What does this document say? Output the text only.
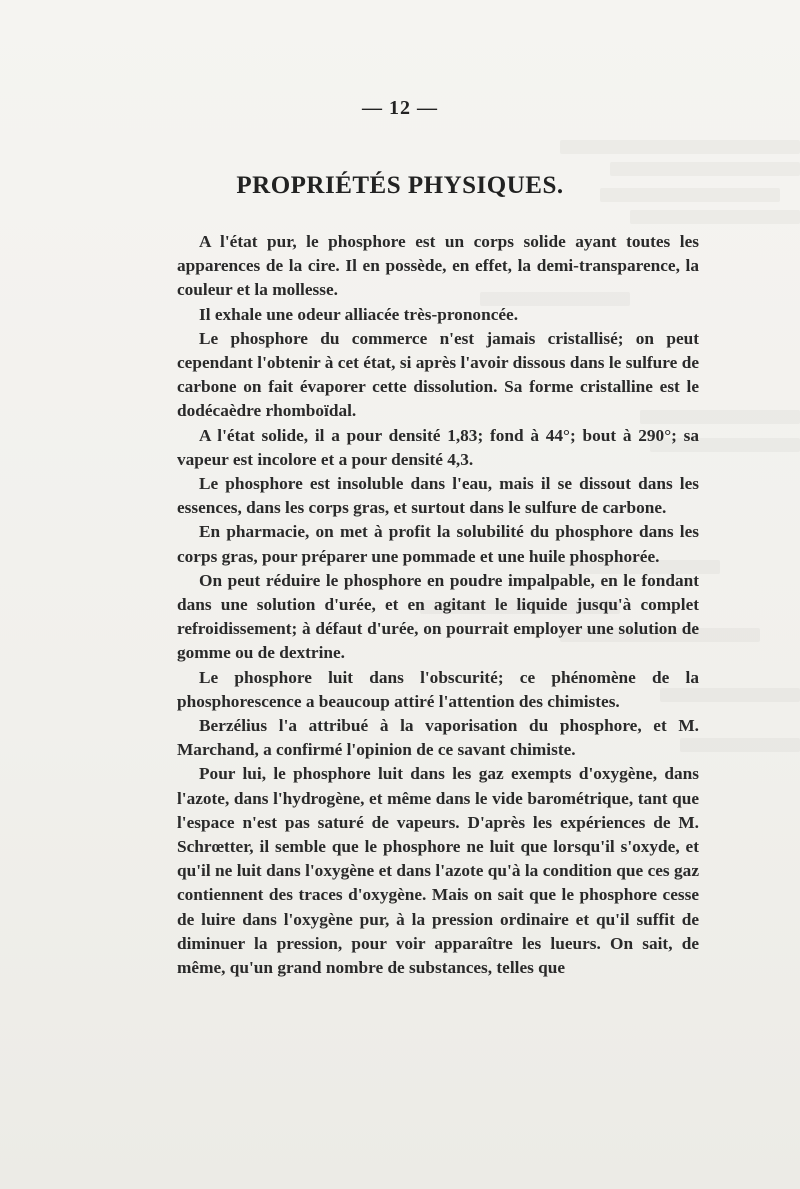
— 12 —
PROPRIÉTÉS PHYSIQUES.

A l'état pur, le phosphore est un corps solide ayant toutes les apparences de la cire. Il en possède, en effet, la demi-transparence, la couleur et la mollesse.

Il exhale une odeur alliacée très-prononcée.

Le phosphore du commerce n'est jamais cristallisé; on peut cependant l'obtenir à cet état, si après l'avoir dissous dans le sulfure de carbone on fait évaporer cette dissolution. Sa forme cristalline est le dodécaèdre rhomboïdal.

A l'état solide, il a pour densité 1,83; fond à 44°; bout à 290°; sa vapeur est incolore et a pour densité 4,3.

Le phosphore est insoluble dans l'eau, mais il se dissout dans les essences, dans les corps gras, et surtout dans le sulfure de carbone.

En pharmacie, on met à profit la solubilité du phosphore dans les corps gras, pour préparer une pommade et une huile phosphorée.

On peut réduire le phosphore en poudre impalpable, en le fondant dans une solution d'urée, et en agitant le liquide jusqu'à complet refroidissement; à défaut d'urée, on pourrait employer une solution de gomme ou de dextrine.

Le phosphore luit dans l'obscurité; ce phénomène de la phosphorescence a beaucoup attiré l'attention des chimistes.

Berzélius l'a attribué à la vaporisation du phosphore, et M. Marchand, a confirmé l'opinion de ce savant chimiste.

Pour lui, le phosphore luit dans les gaz exempts d'oxygène, dans l'azote, dans l'hydrogène, et même dans le vide barométrique, tant que l'espace n'est pas saturé de vapeurs. D'après les expériences de M. Schrœtter, il semble que le phosphore ne luit que lorsqu'il s'oxyde, et qu'il ne luit dans l'oxygène et dans l'azote qu'à la condition que ces gaz contiennent des traces d'oxygène. Mais on sait que le phosphore cesse de luire dans l'oxygène pur, à la pression ordinaire et qu'il suffit de diminuer la pression, pour voir apparaître les lueurs. On sait, de même, qu'un grand nombre de substances, telles que
